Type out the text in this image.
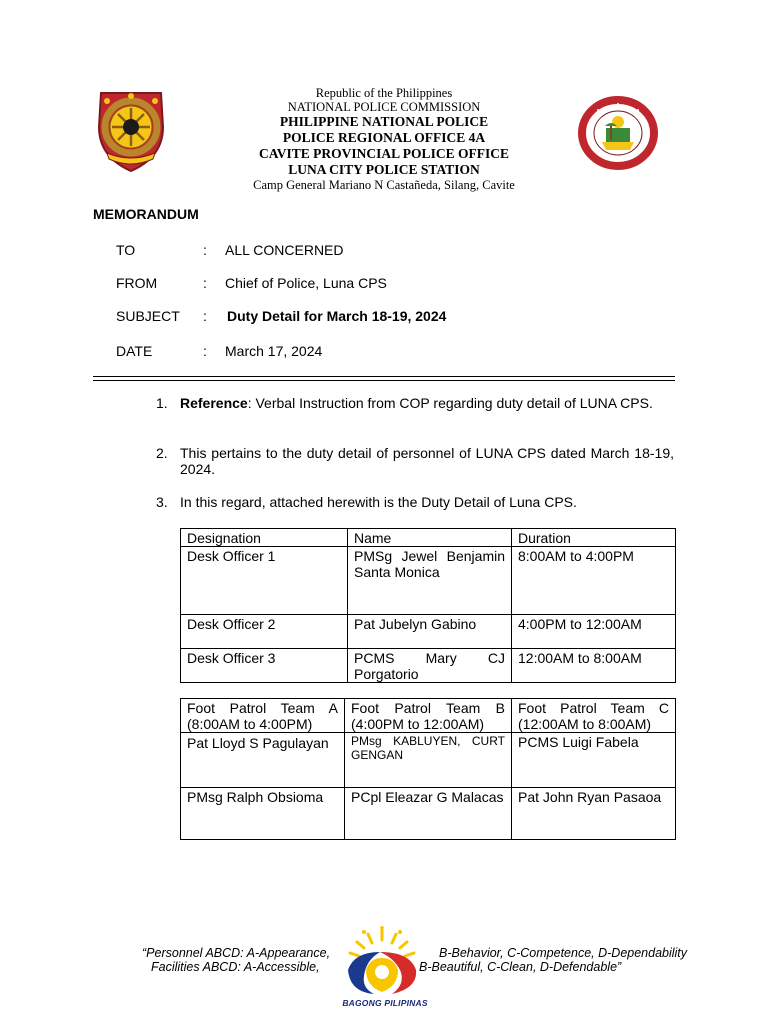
Republic of the Philippines
NATIONAL POLICE COMMISSION
PHILIPPINE NATIONAL POLICE
POLICE REGIONAL OFFICE 4A
CAVITE PROVINCIAL POLICE OFFICE
LUNA CITY POLICE STATION
Camp General Mariano N Castañeda, Silang, Cavite
MEMORANDUM
TO	: ALL CONCERNED
FROM	: Chief of Police, Luna CPS
SUBJECT : Duty Detail for March 18-19, 2024
DATE	: March 17, 2024
1. Reference: Verbal Instruction from COP regarding duty detail of LUNA CPS.
2. This pertains to the duty detail of personnel of LUNA CPS dated March 18-19, 2024.
3. In this regard, attached herewith is the Duty Detail of Luna CPS.
Designation	Name	Duration
Desk Officer 1	PMSg Jewel Benjamin Santa Monica	8:00AM to 4:00PM
Desk Officer 2	Pat Jubelyn Gabino	4:00PM to 12:00AM
Desk Officer 3	PCMS Mary CJ Porgatorio	12:00AM to 8:00AM
Foot Patrol Team A (8:00AM to 4:00PM)	Foot Patrol Team B (4:00PM to 12:00AM)	Foot Patrol Team C (12:00AM to 8:00AM)
Pat Lloyd S Pagulayan	PMsg KABLUYEN, CURT GENGAN	PCMS Luigi Fabela
PMsg Ralph Obsioma	PCpl Eleazar G Malacas	Pat John Ryan Pasaoa
“Personnel ABCD: A-Appearance,
Facilities ABCD: A-Accessible,
B-Behavior, C-Competence, D-Dependability
B-Beautiful, C-Clean, D-Defendable”
BAGONG PILIPINAS
